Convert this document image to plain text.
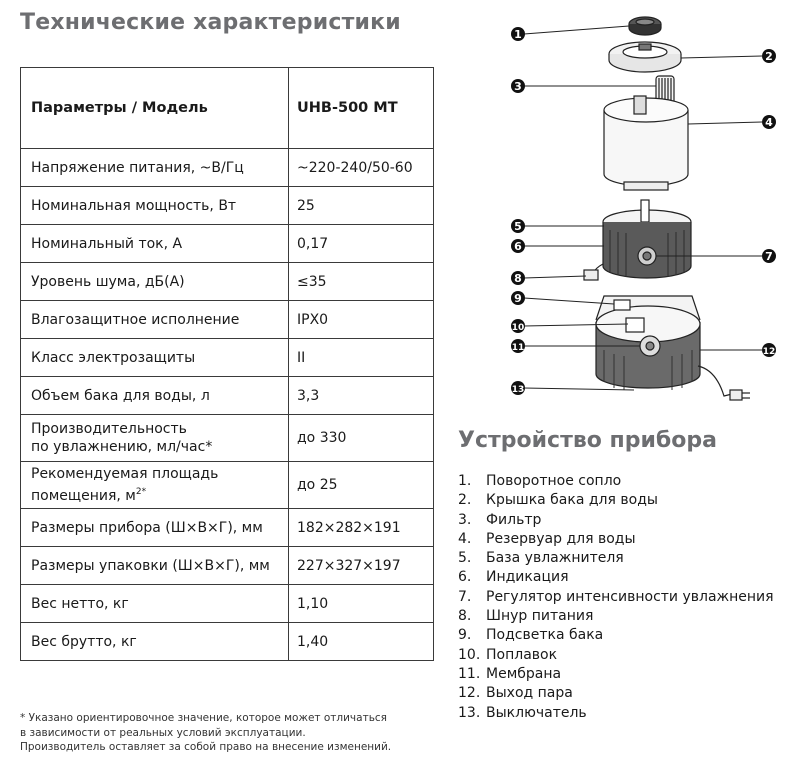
Технические характеристики
Параметры / Модель	UHB-500 MT
Напряжение питания, ~В/Гц	~220-240/50-60
Номинальная мощность, Вт	25
Номинальный ток, А	0,17
Уровень шума, дБ(А)	≤35
Влагозащитное исполнение	IPX0
Класс электрозащиты	II
Объем бака для воды, л	3,3
Производительность
по увлажнению, мл/час*	до 330
Рекомендуемая площадь
помещения, $м^{2*}$	до 25
Размеры прибора (Ш×В×Г), мм	182×282×191
Размеры упаковки (Ш×В×Г), мм	227×327×197
Вес нетто, кг	1,10
Вес брутто, кг	1,40
* Указано ориентировочное значение, которое может отличаться
в зависимости от реальных условий эксплуатации.
Производитель оставляет за собой право на внесение изменений.
1
2
3
4
5
6
7
8
9
10
11	12
13
Устройство прибора
1. Поворотное сопло
2. Крышка бака для воды
3. Фильтр
4. Резервуар для воды
5. База увлажнителя
6. Индикация
7. Регулятор интенсивности увлажнения
8. Шнур питания
9. Подсветка бака
10. Поплавок
11. Мембрана
12. Выход пара
13. Выключатель
